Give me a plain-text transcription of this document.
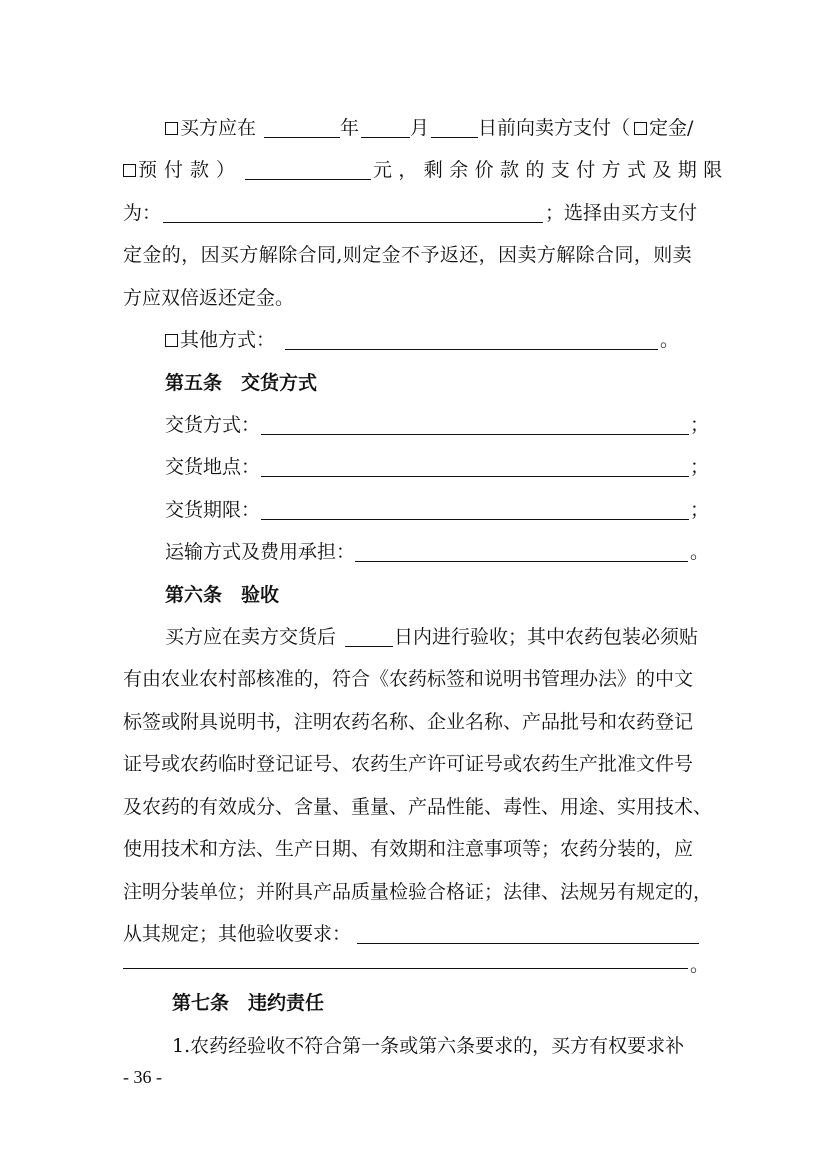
买方应在	年	月	日前向卖方支付（ 定金/
预付款）	元，剩余价款的支付方式及期限
为：	；选择由买方支付
定金的，因买方解除合同,则定金不予返还，因卖方解除合同，则卖
方应双倍返还定金。
其他方式：	。
第五条　交货方式
交货方式：	；
交货地点：	；
交货期限：	；
运输方式及费用承担：	。
第六条　验收
买方应在卖方交货后	日内进行验收；其中农药包装必须贴
有由农业农村部核准的，符合《农药标签和说明书管理办法》的中文
标签或附具说明书，注明农药名称、企业名称、产品批号和农药登记
证号或农药临时登记证号、农药生产许可证号或农药生产批准文件号
及农药的有效成分、含量、重量、产品性能、毒性、用途、实用技术、
使用技术和方法、生产日期、有效期和注意事项等；农药分装的，应
注明分装单位；并附具产品质量检验合格证；法律、法规另有规定的，
从其规定；其他验收要求：
。
第七条　违约责任
1.农药经验收不符合第一条或第六条要求的，买方有权要求补
- 36 -
